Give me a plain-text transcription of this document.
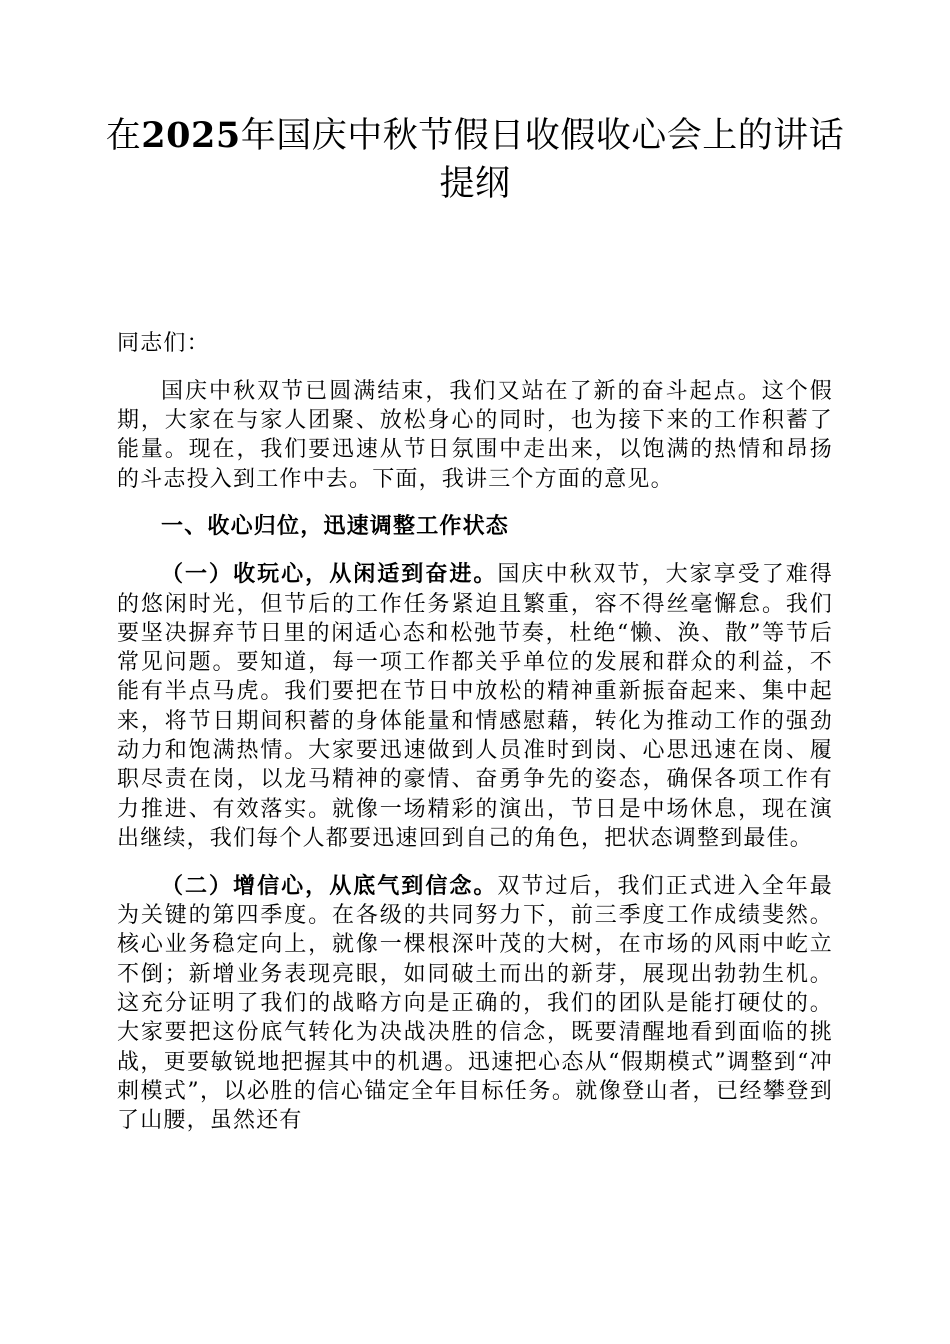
在2025年国庆中秋节假日收假收心会上的讲话
提纲

同志们：

国庆中秋双节已圆满结束，我们又站在了新的奋斗起点。这个假期，大家在与家人团聚、放松身心的同时，也为接下来的工作积蓄了能量。现在，我们要迅速从节日氛围中走出来，以饱满的热情和昂扬的斗志投入到工作中去。下面，我讲三个方面的意见。

一、收心归位，迅速调整工作状态

（一）收玩心，从闲适到奋进。国庆中秋双节，大家享受了难得的悠闲时光，但节后的工作任务紧迫且繁重，容不得丝毫懈怠。我们要坚决摒弃节日里的闲适心态和松弛节奏，杜绝“懒、涣、散”等节后常见问题。要知道，每一项工作都关乎单位的发展和群众的利益，不能有半点马虎。我们要把在节日中放松的精神重新振奋起来、集中起来，将节日期间积蓄的身体能量和情感慰藉，转化为推动工作的强劲动力和饱满热情。大家要迅速做到人员准时到岗、心思迅速在岗、履职尽责在岗，以龙马精神的豪情、奋勇争先的姿态，确保各项工作有力推进、有效落实。就像一场精彩的演出，节日是中场休息，现在演出继续，我们每个人都要迅速回到自己的角色，把状态调整到最佳。

（二）增信心，从底气到信念。双节过后，我们正式进入全年最为关键的第四季度。在各级的共同努力下，前三季度工作成绩斐然。核心业务稳定向上，就像一棵根深叶茂的大树，在市场的风雨中屹立不倒；新增业务表现亮眼，如同破土而出的新芽，展现出勃勃生机。这充分证明了我们的战略方向是正确的，我们的团队是能打硬仗的。大家要把这份底气转化为决战决胜的信念，既要清醒地看到面临的挑战，更要敏锐地把握其中的机遇。迅速把心态从“假期模式”调整到“冲刺模式”，以必胜的信心锚定全年目标任务。就像登山者，已经攀登到了山腰，虽然还有
